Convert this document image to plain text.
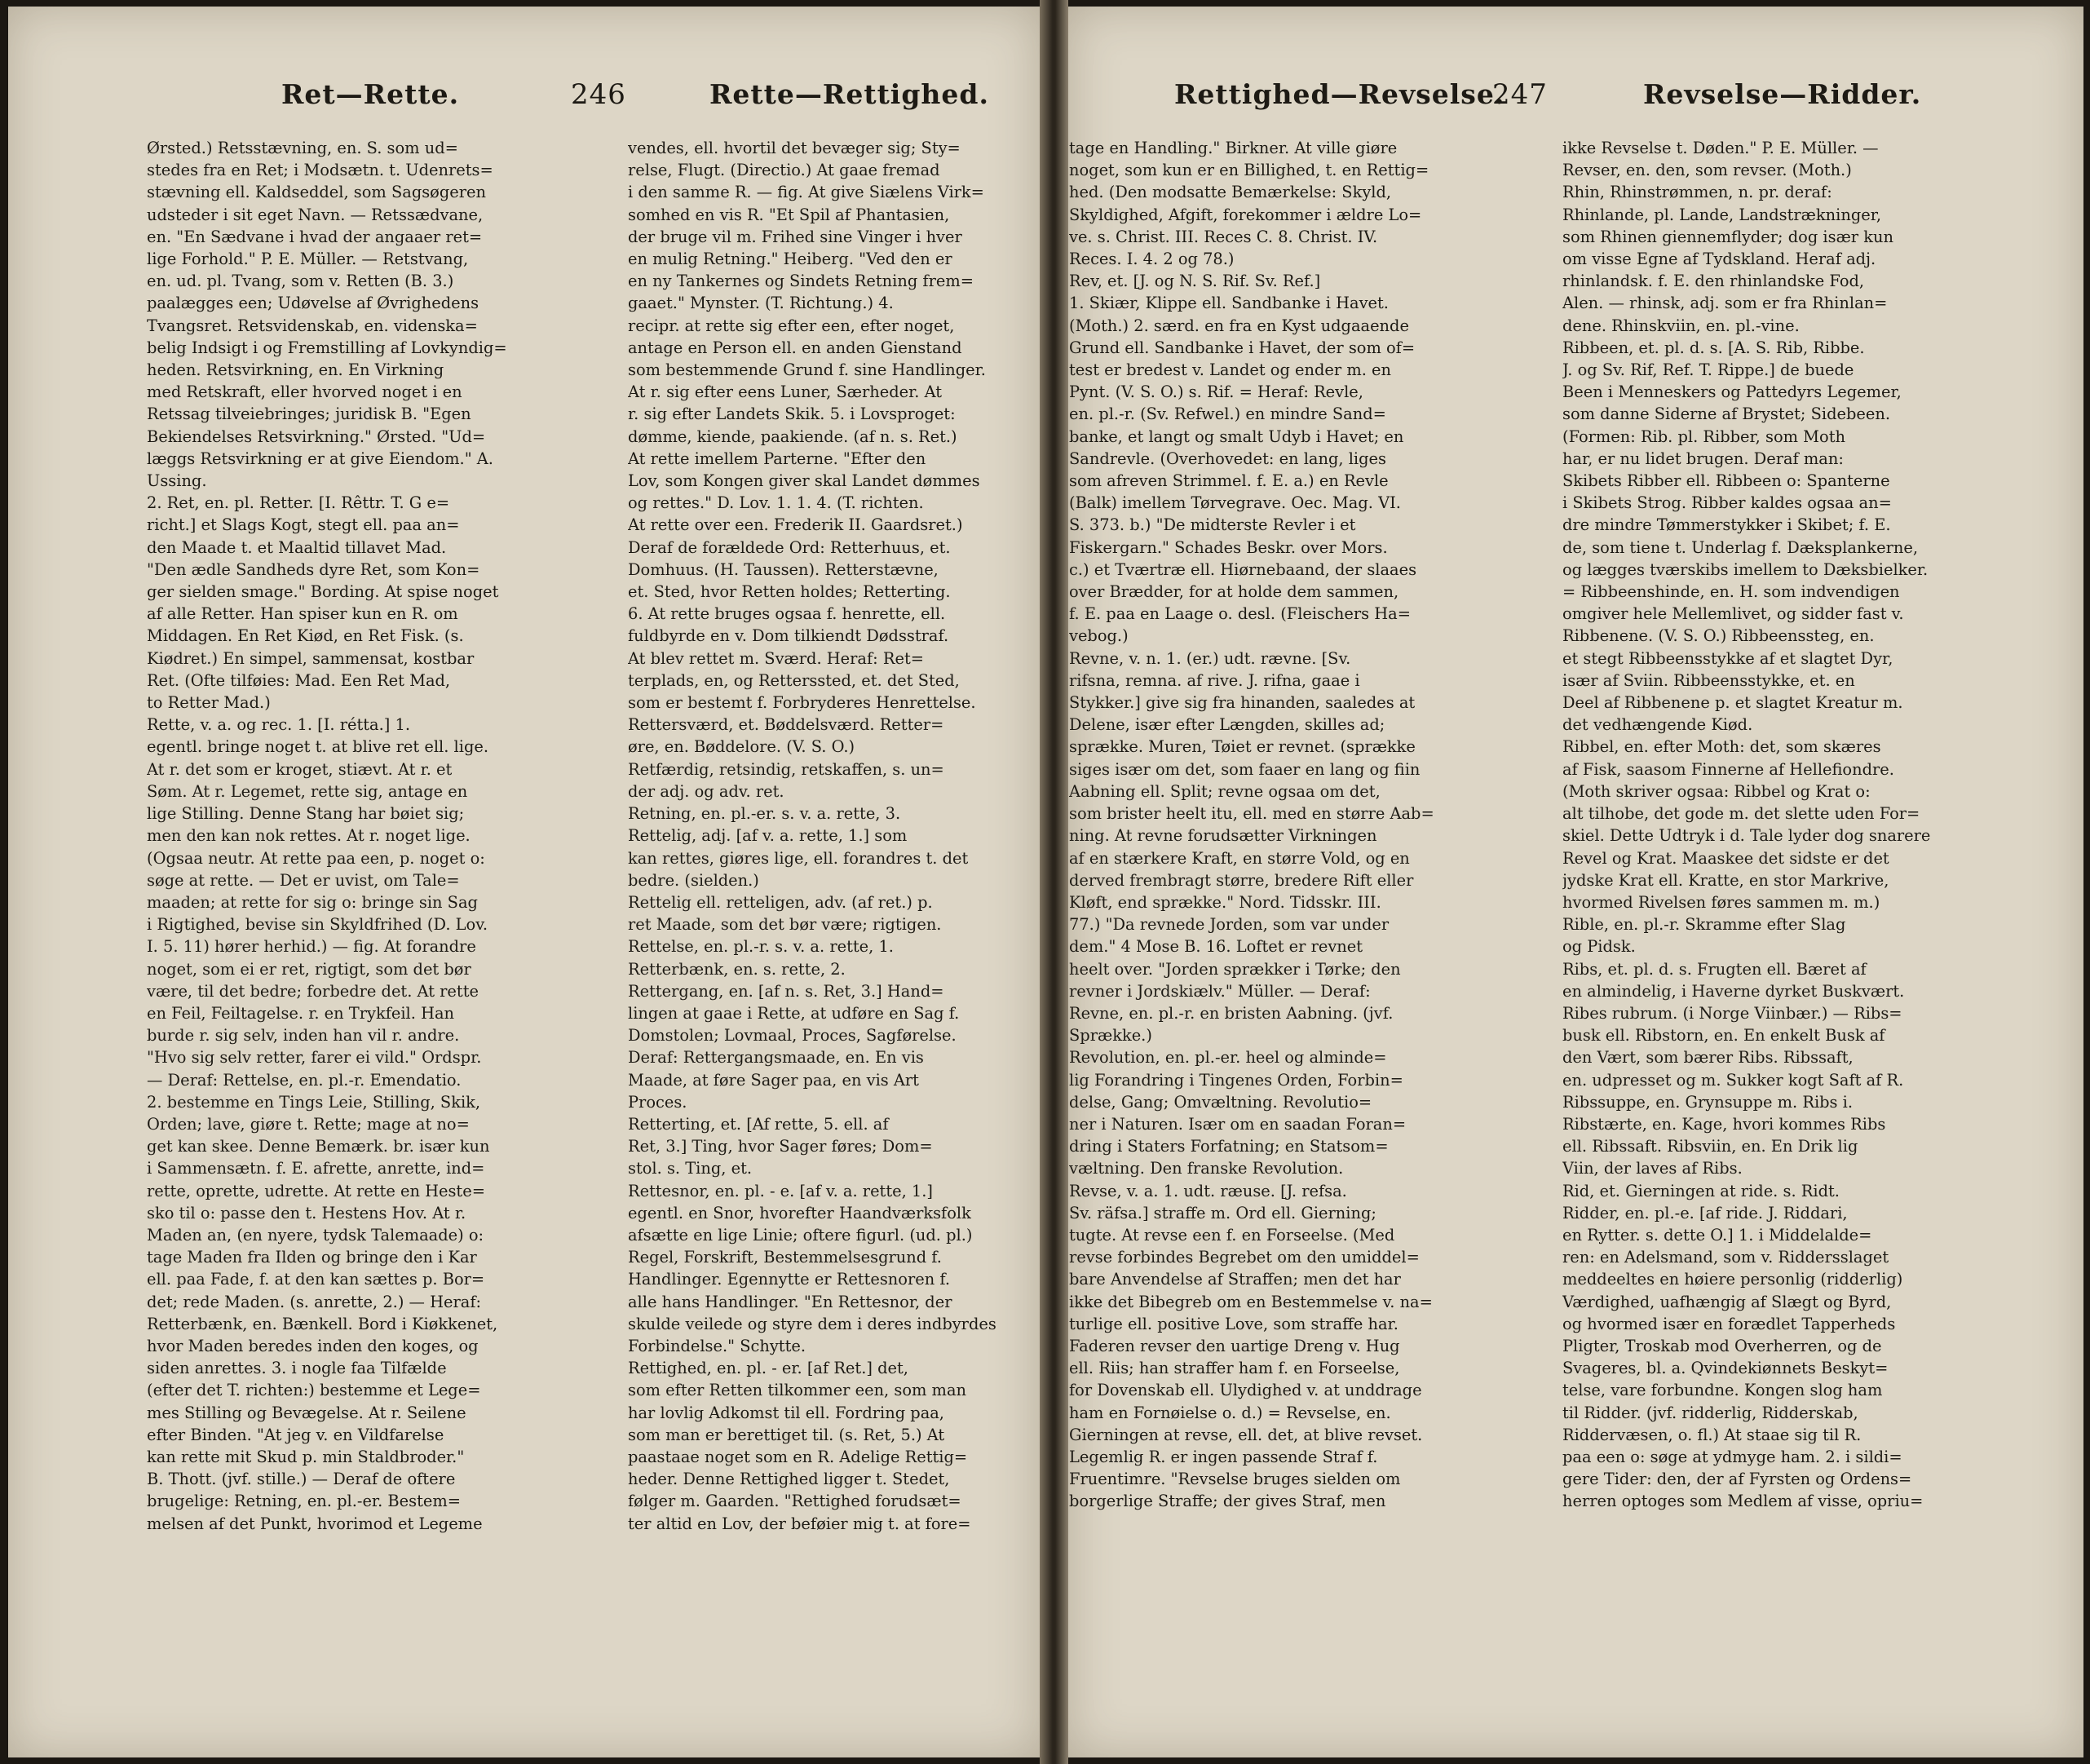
Ret—Rette.	246	Rette—Rettighed.

Ørsted.) Retsstævning, en. S. som ud=

stedes fra en Ret; i Modsætn. t. Udenrets=

stævning ell. Kaldseddel, som Sagsøgeren

udsteder i sit eget Navn. — Retssædvane,

en. "En Sædvane i hvad der angaaer ret=

lige Forhold." P. E. Müller. — Retstvang,

en. ud. pl. Tvang, som v. Retten (B. 3.)

paalægges een; Udøvelse af Øvrighedens

Tvangsret. Retsvidenskab, en. videnska=

belig Indsigt i og Fremstilling af Lovkyndig=

heden. Retsvirkning, en. En Virkning

med Retskraft, eller hvorved noget i en

Retssag tilveiebringes; juridisk B. "Egen

Bekiendelses Retsvirkning." Ørsted. "Ud=

læggs Retsvirkning er at give Eiendom." A.

Ussing.

2. Ret, en. pl. Retter. [I. Rêttr. T. G e=

richt.] et Slags Kogt, stegt ell. paa an=

den Maade t. et Maaltid tillavet Mad.

"Den ædle Sandheds dyre Ret, som Kon=

ger sielden smage." Bording. At spise noget

af alle Retter. Han spiser kun en R. om

Middagen. En Ret Kiød, en Ret Fisk. (s.

Kiødret.) En simpel, sammensat, kostbar

Ret. (Ofte tilføies: Mad. Een Ret Mad,

to Retter Mad.)

Rette, v. a. og rec. 1. [I. rétta.] 1.

egentl. bringe noget t. at blive ret ell. lige.

At r. det som er kroget, stiævt. At r. et

Søm. At r. Legemet, rette sig, antage en

lige Stilling. Denne Stang har bøiet sig;

men den kan nok rettes. At r. noget lige.

(Ogsaa neutr. At rette paa een, p. noget o:

søge at rette. — Det er uvist, om Tale=

maaden; at rette for sig o: bringe sin Sag

i Rigtighed, bevise sin Skyldfrihed (D. Lov.

I. 5. 11) hører herhid.) — fig. At forandre

noget, som ei er ret, rigtigt, som det bør

være, til det bedre; forbedre det. At rette

en Feil, Feiltagelse. r. en Trykfeil. Han

burde r. sig selv, inden han vil r. andre.

"Hvo sig selv retter, farer ei vild." Ordspr.

— Deraf: Rettelse, en. pl.-r. Emendatio.

2. bestemme en Tings Leie, Stilling, Skik,

Orden; lave, giøre t. Rette; mage at no=

get kan skee. Denne Bemærk. br. især kun

i Sammensætn. f. E. afrette, anrette, ind=

rette, oprette, udrette. At rette en Heste=

sko til o: passe den t. Hestens Hov. At r.

Maden an, (en nyere, tydsk Talemaade) o:

tage Maden fra Ilden og bringe den i Kar

ell. paa Fade, f. at den kan sættes p. Bor=

det; rede Maden. (s. anrette, 2.) — Heraf:

Retterbænk, en. Bænkell. Bord i Kiøkkenet,

hvor Maden beredes inden den koges, og

siden anrettes. 3. i nogle faa Tilfælde

(efter det T. richten:) bestemme et Lege=

mes Stilling og Bevægelse. At r. Seilene

efter Binden. "At jeg v. en Vildfarelse

kan rette mit Skud p. min Staldbroder."

B. Thott. (jvf. stille.) — Deraf de oftere

brugelige: Retning, en. pl.-er. Bestem=

melsen af det Punkt, hvorimod et Legeme

vendes, ell. hvortil det bevæger sig; Sty=

relse, Flugt. (Directio.) At gaae fremad

i den samme R. — fig. At give Siælens Virk=

somhed en vis R. "Et Spil af Phantasien,

der bruge vil m. Frihed sine Vinger i hver

en mulig Retning." Heiberg. "Ved den er

en ny Tankernes og Sindets Retning frem=

gaaet." Mynster. (T. Richtung.) 4.

recipr. at rette sig efter een, efter noget,

antage en Person ell. en anden Gienstand

som bestemmende Grund f. sine Handlinger.

At r. sig efter eens Luner, Særheder. At

r. sig efter Landets Skik. 5. i Lovsproget:

dømme, kiende, paakiende. (af n. s. Ret.)

At rette imellem Parterne. "Efter den

Lov, som Kongen giver skal Landet dømmes

og rettes." D. Lov. 1. 1. 4. (T. richten.

At rette over een. Frederik II. Gaardsret.)

Deraf de forældede Ord: Retterhuus, et.

Domhuus. (H. Taussen). Retterstævne,

et. Sted, hvor Retten holdes; Retterting.

6. At rette bruges ogsaa f. henrette, ell.

fuldbyrde en v. Dom tilkiendt Dødsstraf.

At blev rettet m. Sværd. Heraf: Ret=

terplads, en, og Retterssted, et. det Sted,

som er bestemt f. Forbryderes Henrettelse.

Rettersværd, et. Bøddelsværd. Retter=

øre, en. Bøddelore. (V. S. O.)

Retfærdig, retsindig, retskaffen, s. un=

der adj. og adv. ret.

Retning, en. pl.-er. s. v. a. rette, 3.

Rettelig, adj. [af v. a. rette, 1.] som

kan rettes, giøres lige, ell. forandres t. det

bedre. (sielden.)

Rettelig ell. retteligen, adv. (af ret.) p.

ret Maade, som det bør være; rigtigen.

Rettelse, en. pl.-r. s. v. a. rette, 1.

Retterbænk, en. s. rette, 2.

Rettergang, en. [af n. s. Ret, 3.] Hand=

lingen at gaae i Rette, at udføre en Sag f.

Domstolen; Lovmaal, Proces, Sagførelse.

Deraf: Rettergangsmaade, en. En vis

Maade, at føre Sager paa, en vis Art

Proces.

Retterting, et. [Af rette, 5. ell. af

Ret, 3.] Ting, hvor Sager føres; Dom=

stol. s. Ting, et.

Rettesnor, en. pl. - e. [af v. a. rette, 1.]

egentl. en Snor, hvorefter Haandværksfolk

afsætte en lige Linie; oftere figurl. (ud. pl.)

Regel, Forskrift, Bestemmelsesgrund f.

Handlinger. Egennytte er Rettesnoren f.

alle hans Handlinger. "En Rettesnor, der

skulde veilede og styre dem i deres indbyrdes

Forbindelse." Schytte.

Rettighed, en. pl. - er. [af Ret.] det,

som efter Retten tilkommer een, som man

har lovlig Adkomst til ell. Fordring paa,

som man er berettiget til. (s. Ret, 5.) At

paastaae noget som en R. Adelige Rettig=

heder. Denne Rettighed ligger t. Stedet,

følger m. Gaarden. "Rettighed forudsæt=

ter altid en Lov, der beføier mig t. at fore=

Rettighed—Revselse.
247	Revselse—Ridder.

tage en Handling." Birkner. At ville giøre

noget, som kun er en Billighed, t. en Rettig=

hed. (Den modsatte Bemærkelse: Skyld,

Skyldighed, Afgift, forekommer i ældre Lo=

ve. s. Christ. III. Reces C. 8. Christ. IV.

Reces. I. 4. 2 og 78.)

Rev, et. [J. og N. S. Rif. Sv. Ref.]

1. Skiær, Klippe ell. Sandbanke i Havet.

(Moth.) 2. særd. en fra en Kyst udgaaende

Grund ell. Sandbanke i Havet, der som of=

test er bredest v. Landet og ender m. en

Pynt. (V. S. O.) s. Rif. = Heraf: Revle,

en. pl.-r. (Sv. Refwel.) en mindre Sand=

banke, et langt og smalt Udyb i Havet; en

Sandrevle. (Overhovedet: en lang, liges

som afreven Strimmel. f. E. a.) en Revle

(Balk) imellem Tørvegrave. Oec. Mag. VI.

S. 373. b.) "De midterste Revler i et

Fiskergarn." Schades Beskr. over Mors.

c.) et Tværtræ ell. Hiørnebaand, der slaaes

over Brædder, for at holde dem sammen,

f. E. paa en Laage o. desl. (Fleischers Ha=

vebog.)

Revne, v. n. 1. (er.) udt. rævne. [Sv.

rifsna, remna. af rive. J. rifna, gaae i

Stykker.] give sig fra hinanden, saaledes at

Delene, især efter Længden, skilles ad;

sprække. Muren, Tøiet er revnet. (sprække

siges især om det, som faaer en lang og fiin

Aabning ell. Split; revne ogsaa om det,

som brister heelt itu, ell. med en større Aab=

ning. At revne forudsætter Virkningen

af en stærkere Kraft, en større Vold, og en

derved frembragt større, bredere Rift eller

Kløft, end sprække." Nord. Tidsskr. III.

77.) "Da revnede Jorden, som var under

dem." 4 Mose B. 16. Loftet er revnet

heelt over. "Jorden sprækker i Tørke; den

revner i Jordskiælv." Müller. — Deraf:

Revne, en. pl.-r. en bristen Aabning. (jvf.

Sprække.)

Revolution, en. pl.-er. heel og alminde=

lig Forandring i Tingenes Orden, Forbin=

delse, Gang; Omvæltning. Revolutio=

ner i Naturen. Især om en saadan Foran=

dring i Staters Forfatning; en Statsom=

væltning. Den franske Revolution.

Revse, v. a. 1. udt. ræuse. [J. refsa.

Sv. räfsa.] straffe m. Ord ell. Gierning;

tugte. At revse een f. en Forseelse. (Med

revse forbindes Begrebet om den umiddel=

bare Anvendelse af Straffen; men det har

ikke det Bibegreb om en Bestemmelse v. na=

turlige ell. positive Love, som straffe har.

Faderen revser den uartige Dreng v. Hug

ell. Riis; han straffer ham f. en Forseelse,

for Dovenskab ell. Ulydighed v. at unddrage

ham en Fornøielse o. d.) = Revselse, en.

Gierningen at revse, ell. det, at blive revset.

Legemlig R. er ingen passende Straf f.

Fruentimre. "Revselse bruges sielden om

borgerlige Straffe; der gives Straf, men

ikke Revselse t. Døden." P. E. Müller. —

Revser, en. den, som revser. (Moth.)

Rhin, Rhinstrømmen, n. pr. deraf:

Rhinlande, pl. Lande, Landstrækninger,

som Rhinen giennemflyder; dog især kun

om visse Egne af Tydskland. Heraf adj.

rhinlandsk. f. E. den rhinlandske Fod,

Alen. — rhinsk, adj. som er fra Rhinlan=

dene. Rhinskviin, en. pl.-vine.

Ribbeen, et. pl. d. s. [A. S. Rib, Ribbe.

J. og Sv. Rif, Ref. T. Rippe.] de buede

Been i Menneskers og Pattedyrs Legemer,

som danne Siderne af Brystet; Sidebeen.

(Formen: Rib. pl. Ribber, som Moth

har, er nu lidet brugen. Deraf man:

Skibets Ribber ell. Ribbeen o: Spanterne

i Skibets Strog. Ribber kaldes ogsaa an=

dre mindre Tømmerstykker i Skibet; f. E.

de, som tiene t. Underlag f. Dæksplankerne,

og lægges tværskibs imellem to Dæksbielker.

= Ribbeenshinde, en. H. som indvendigen

omgiver hele Mellemlivet, og sidder fast v.

Ribbenene. (V. S. O.) Ribbeenssteg, en.

et stegt Ribbeensstykke af et slagtet Dyr,

især af Sviin. Ribbeensstykke, et. en

Deel af Ribbenene p. et slagtet Kreatur m.

det vedhængende Kiød.

Ribbel, en. efter Moth: det, som skæres

af Fisk, saasom Finnerne af Hellefiondre.

(Moth skriver ogsaa: Ribbel og Krat o:

alt tilhobe, det gode m. det slette uden For=

skiel. Dette Udtryk i d. Tale lyder dog snarere

Revel og Krat. Maaskee det sidste er det

jydske Krat ell. Kratte, en stor Markrive,

hvormed Rivelsen føres sammen m. m.)

Rible, en. pl.-r. Skramme efter Slag

og Pidsk.

Ribs, et. pl. d. s. Frugten ell. Bæret af

en almindelig, i Haverne dyrket Buskvært.

Ribes rubrum. (i Norge Viinbær.) — Ribs=

busk ell. Ribstorn, en. En enkelt Busk af

den Vært, som bærer Ribs. Ribssaft,

en. udpresset og m. Sukker kogt Saft af R.

Ribssuppe, en. Grynsuppe m. Ribs i.

Ribstærte, en. Kage, hvori kommes Ribs

ell. Ribssaft. Ribsviin, en. En Drik lig

Viin, der laves af Ribs.

Rid, et. Gierningen at ride. s. Ridt.

Ridder, en. pl.-e. [af ride. J. Riddari,

en Rytter. s. dette O.] 1. i Middelalde=

ren: en Adelsmand, som v. Riddersslaget

meddeeltes en høiere personlig (ridderlig)

Værdighed, uafhængig af Slægt og Byrd,

og hvormed især en forædlet Tapperheds

Pligter, Troskab mod Overherren, og de

Svageres, bl. a. Qvindekiønnets Beskyt=

telse, vare forbundne. Kongen slog ham

til Ridder. (jvf. ridderlig, Ridderskab,

Riddervæsen, o. fl.) At staae sig til R.

paa een o: søge at ydmyge ham. 2. i sildi=

gere Tider: den, der af Fyrsten og Ordens=

herren optoges som Medlem af visse, opriu=
